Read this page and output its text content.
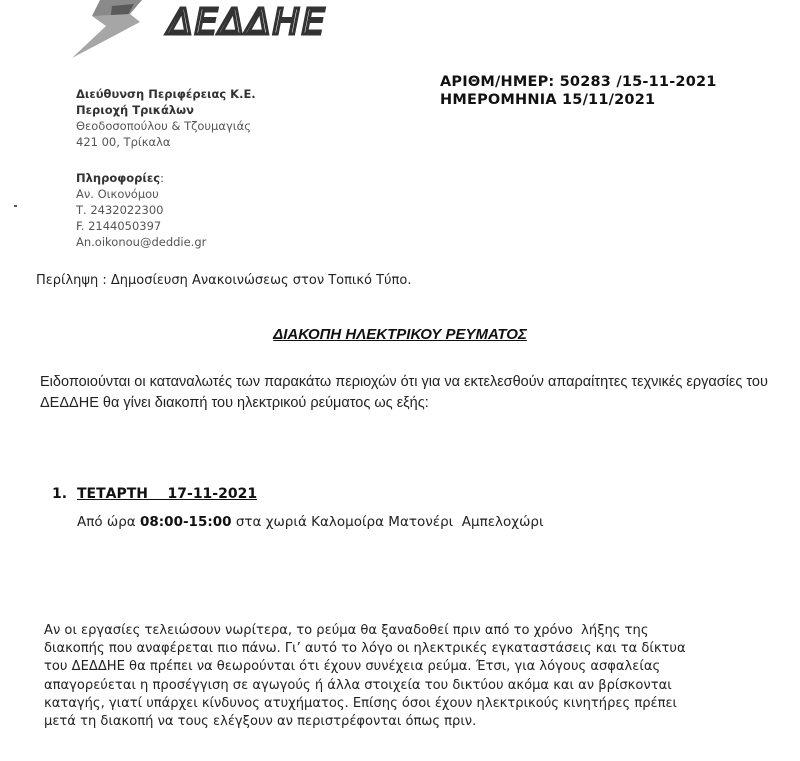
ΔΕΔΔΗΕ
Διεύθυνση Περιφέρειας Κ.Ε.
Περιοχή Τρικάλων
Θεοδοσοπούλου & Τζουμαγιάς
421 00, Τρίκαλα
ΑΡΙΘΜ/ΗΜΕΡ: 50283 /15-11-2021
ΗΜΕΡΟΜΗΝΙΑ 15/11/2021
Πληροφορίες:
Αν. Οικονόμου
Τ. 2432022300
F. 2144050397
An.oikonou@deddie.gr
Περίληψη : Δημοσίευση Ανακοινώσεως στον Τοπικό Τύπο.
ΔΙΑΚΟΠΗ ΗΛΕΚΤΡΙΚΟΥ ΡΕΥΜΑΤΟΣ
Ειδοποιούνται οι καταναλωτές των παρακάτω περιοχών ότι για να εκτελεσθούν απαραίτητες τεχνικές εργασίες του ΔΕΔΔΗΕ θα γίνει διακοπή του ηλεκτρικού ρεύματος ως εξής:
1. ΤΕΤΑΡΤΗ    17-11-2021
Από ώρα 08:00-15:00 στα χωριά Καλομοίρα Ματονέρι  Αμπελοχώρι
Αν οι εργασίες τελειώσουν νωρίτερα, το ρεύμα θα ξαναδοθεί πριν από το χρόνο  λήξης της
διακοπής που αναφέρεται πιο πάνω. Γι’ αυτό το λόγο οι ηλεκτρικές εγκαταστάσεις και τα δίκτυα
του ΔΕΔΔΗΕ θα πρέπει να θεωρούνται ότι έχουν συνέχεια ρεύμα. Έτσι, για λόγους ασφαλείας
απαγορεύεται η προσέγγιση σε αγωγούς ή άλλα στοιχεία του δικτύου ακόμα και αν βρίσκονται
καταγής, γιατί υπάρχει κίνδυνος ατυχήματος. Επίσης όσοι έχουν ηλεκτρικούς κινητήρες πρέπει
μετά τη διακοπή να τους ελέγξουν αν περιστρέφονται όπως πριν.
